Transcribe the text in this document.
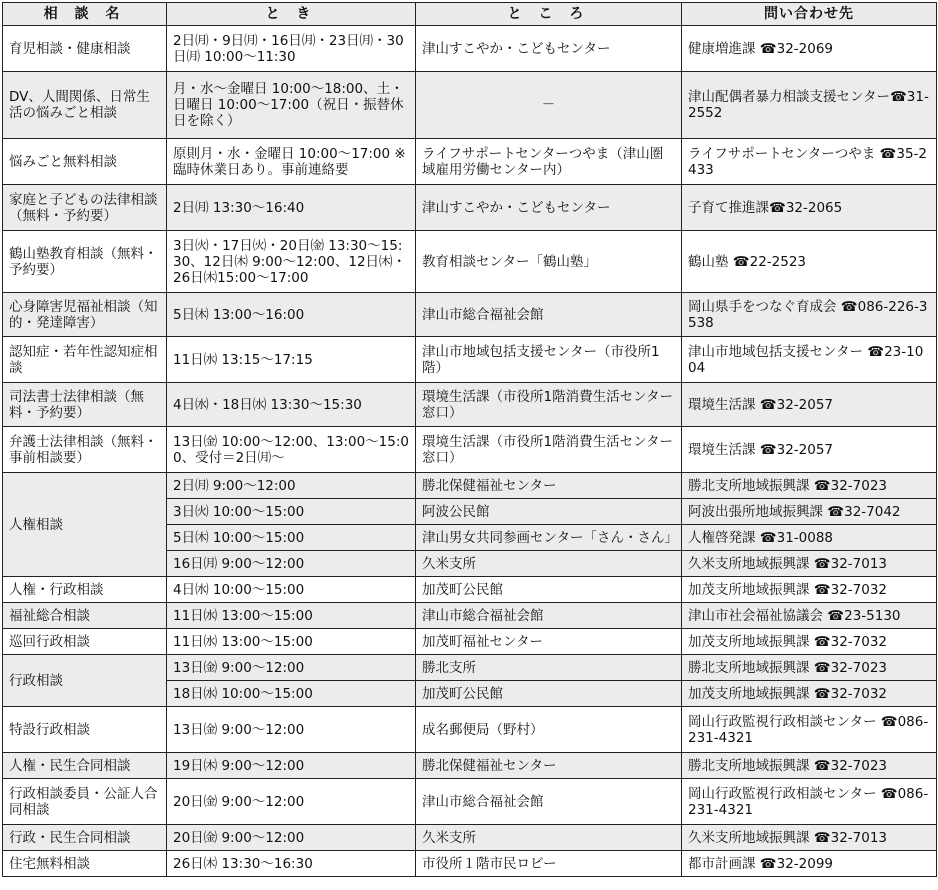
相 談 名	と き	と こ ろ	問い合わせ先
育児相談・健康相談	2日㈪・9日㈪・16日㈪・23日㈪・30日㈪ 10:00～11:30	津山すこやか・こどもセンター	健康増進課 ☎32-2069
DV、人間関係、日常生活の悩みごと相談	月・水～金曜日 10:00～18:00、土・日曜日 10:00～17:00（祝日・振替休日を除く）	－	津山配偶者暴力相談支援センター☎31-2552
悩みごと無料相談	原則月・水・金曜日 10:00～17:00 ※臨時休業日あり。事前連絡要	ライフサポートセンターつやま（津山圏域雇用労働センター内）	ライフサポートセンターつやま ☎35-2433
家庭と子どもの法律相談（無料・予約要）	2日㈪ 13:30～16:40	津山すこやか・こどもセンター	子育て推進課☎32-2065
鶴山塾教育相談（無料・予約要）	3日㈫・17日㈫・20日㈮ 13:30～15:30、12日㈭ 9:00～12:00、12日㈭・26日㈭15:00～17:00	教育相談センター「鶴山塾」	鶴山塾 ☎22-2523
心身障害児福祉相談（知的・発達障害）	5日㈭ 13:00～16:00	津山市総合福祉会館	岡山県手をつなぐ育成会 ☎086-226-3538
認知症・若年性認知症相談	11日㈬ 13:15～17:15	津山市地域包括支援センター（市役所1階）	津山市地域包括支援センター ☎23-1004
司法書士法律相談（無料・予約要）	4日㈬・18日㈬ 13:30～15:30	環境生活課（市役所1階消費生活センター窓口）	環境生活課 ☎32-2057
弁護士法律相談（無料・事前相談要）	13日㈮ 10:00～12:00、13:00～15:00、受付＝2日㈪～	環境生活課（市役所1階消費生活センター窓口）	環境生活課 ☎32-2057
人権相談	2日㈪ 9:00～12:00	勝北保健福祉センター	勝北支所地域振興課 ☎32-7023
	3日㈫ 10:00～15:00	阿波公民館	阿波出張所地域振興課 ☎32-7042
	5日㈭ 10:00～15:00	津山男女共同参画センター「さん・さん」	人権啓発課 ☎31-0088
	16日㈪ 9:00～12:00	久米支所	久米支所地域振興課 ☎32-7013
人権・行政相談	4日㈬ 10:00～15:00	加茂町公民館	加茂支所地域振興課 ☎32-7032
福祉総合相談	11日㈬ 13:00～15:00	津山市総合福祉会館	津山市社会福祉協議会 ☎23-5130
巡回行政相談	11日㈬ 13:00～15:00	加茂町福祉センター	加茂支所地域振興課 ☎32-7032
行政相談	13日㈮ 9:00～12:00	勝北支所	勝北支所地域振興課 ☎32-7023
	18日㈬ 10:00～15:00	加茂町公民館	加茂支所地域振興課 ☎32-7032
特設行政相談	13日㈮ 9:00～12:00	成名郵便局（野村）	岡山行政監視行政相談センター ☎086-231-4321
人権・民生合同相談	19日㈭ 9:00～12:00	勝北保健福祉センター	勝北支所地域振興課 ☎32-7023
行政相談委員・公証人合同相談	20日㈮ 9:00～12:00	津山市総合福祉会館	岡山行政監視行政相談センター ☎086-231-4321
行政・民生合同相談	20日㈮ 9:00～12:00	久米支所	久米支所地域振興課 ☎32-7013
住宅無料相談	26日㈭ 13:30～16:30	市役所１階市民ロビー	都市計画課 ☎32-2099
